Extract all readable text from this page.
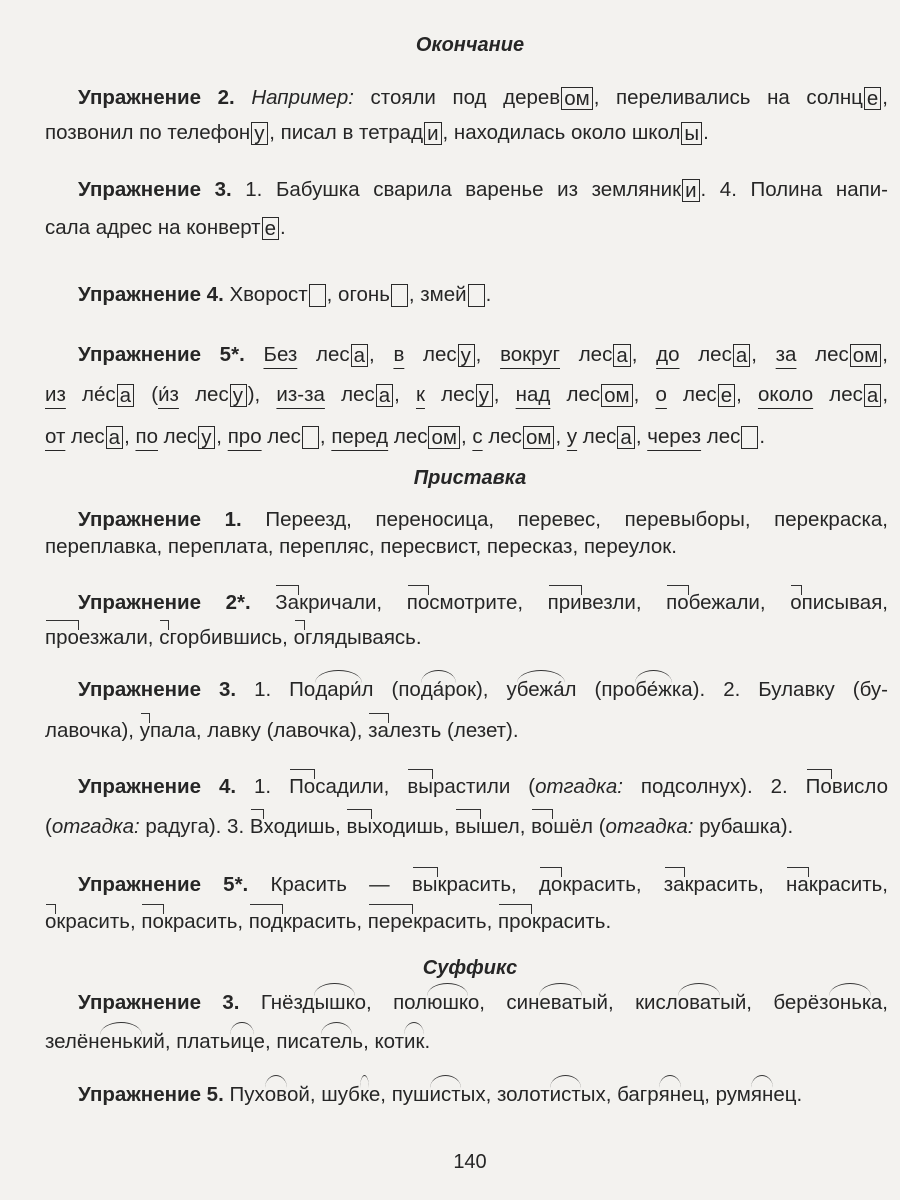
Окончание
Упражнение 2. Например: стояли под дерев ом , переливались на солнц е ,
позвонил по телефон у , писал в тетрад и , находилась около школ ы .
Упражнение 3. 1. Бабушка сварила варенье из земляник и . 4. Полина напи-
сала адрес на конверт е .
Упражнение 4. Хворост , огонь , змей .
Упражнение 5*. Без лес а , в лес у , вокруг лес а , до лес а , за лес ом ,
из ле́с а (и́з лес у ), из-за лес а , к лес у , над лес ом , о лес е , около лес а ,
от лес а , по лес у , про лес , перед лес ом , с лес ом , у лес а , через лес .
Приставка
Упражнение 1. Переезд, переносица, перевес, перевыборы, перекраска,
переплавка, переплата, перепляс, пересвист, пересказ, переулок.
Упражнение 2*. Закричали, посмотрите, привезли, побежали, описывая,
проезжали, сгорбившись, оглядываясь.
Упражнение 3. 1. Подари́л (пода́рок), убежа́л (пробе́жка). 2. Булавку (бу-
лавочка), упала, лавку (лавочка), залезть (лезет).
Упражнение 4. 1. Посадили, вырастили (отгадка: подсолнух). 2. Повисло
(отгадка: радуга). 3. Входишь, выходишь, вышел, вошёл (отгадка: рубашка).
Упражнение 5*. Красить — выкрасить, докрасить, закрасить, накрасить,
окрасить, покрасить, подкрасить, перекрасить, прокрасить.
Суффикс
Упражнение 3. Гнёздышко, полюшко, синеватый, кисловатый, берёзонька,
зелёненький, платьице, писатель, котик.
Упражнение 5. Пуховой, шубке, пушистых, золотистых, багрянец, румянец.
140
